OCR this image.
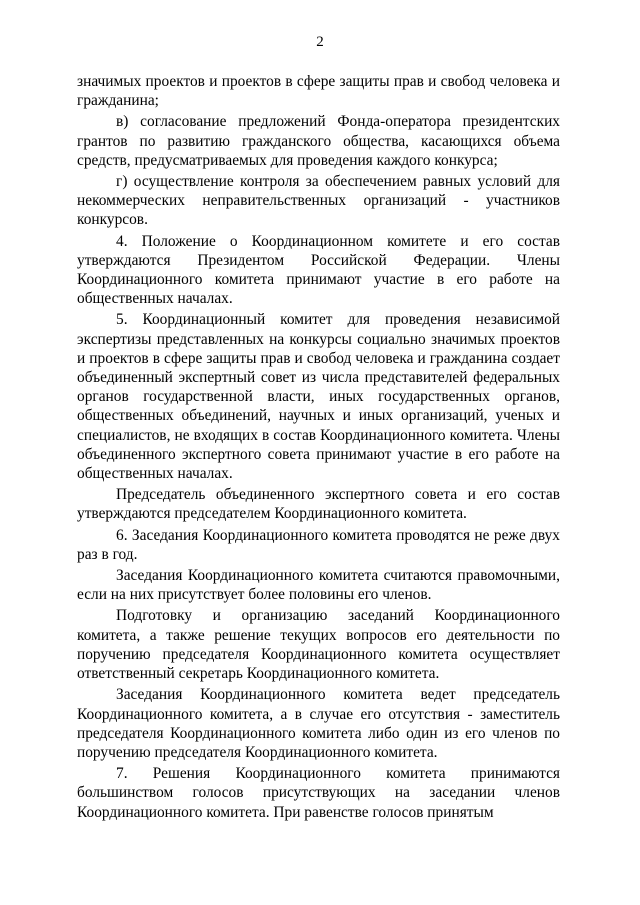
2

значимых проектов и проектов в сфере защиты прав и свобод человека и гражданина;

в) согласование предложений Фонда-оператора президентских грантов по развитию гражданского общества, касающихся объема средств, предусматриваемых для проведения каждого конкурса;

г) осуществление контроля за обеспечением равных условий для некоммерческих неправительственных организаций - участников конкурсов.

4. Положение о Координационном комитете и его состав утверждаются Президентом Российской Федерации. Члены Координационного комитета принимают участие в его работе на общественных началах.

5. Координационный комитет для проведения независимой экспертизы представленных на конкурсы социально значимых проектов и проектов в сфере защиты прав и свобод человека и гражданина создает объединенный экспертный совет из числа представителей федеральных органов государственной власти, иных государственных органов, общественных объединений, научных и иных организаций, ученых и специалистов, не входящих в состав Координационного комитета. Члены объединенного экспертного совета принимают участие в его работе на общественных началах.

Председатель объединенного экспертного совета и его состав утверждаются председателем Координационного комитета.

6. Заседания Координационного комитета проводятся не реже двух раз в год.

Заседания Координационного комитета считаются правомочными, если на них присутствует более половины его членов.

Подготовку и организацию заседаний Координационного комитета, а также решение текущих вопросов его деятельности по поручению председателя Координационного комитета осуществляет ответственный секретарь Координационного комитета.

Заседания Координационного комитета ведет председатель Координационного комитета, а в случае его отсутствия - заместитель председателя Координационного комитета либо один из его членов по поручению председателя Координационного комитета.

7. Решения Координационного комитета принимаются большинством голосов присутствующих на заседании членов Координационного комитета. При равенстве голосов принятым
